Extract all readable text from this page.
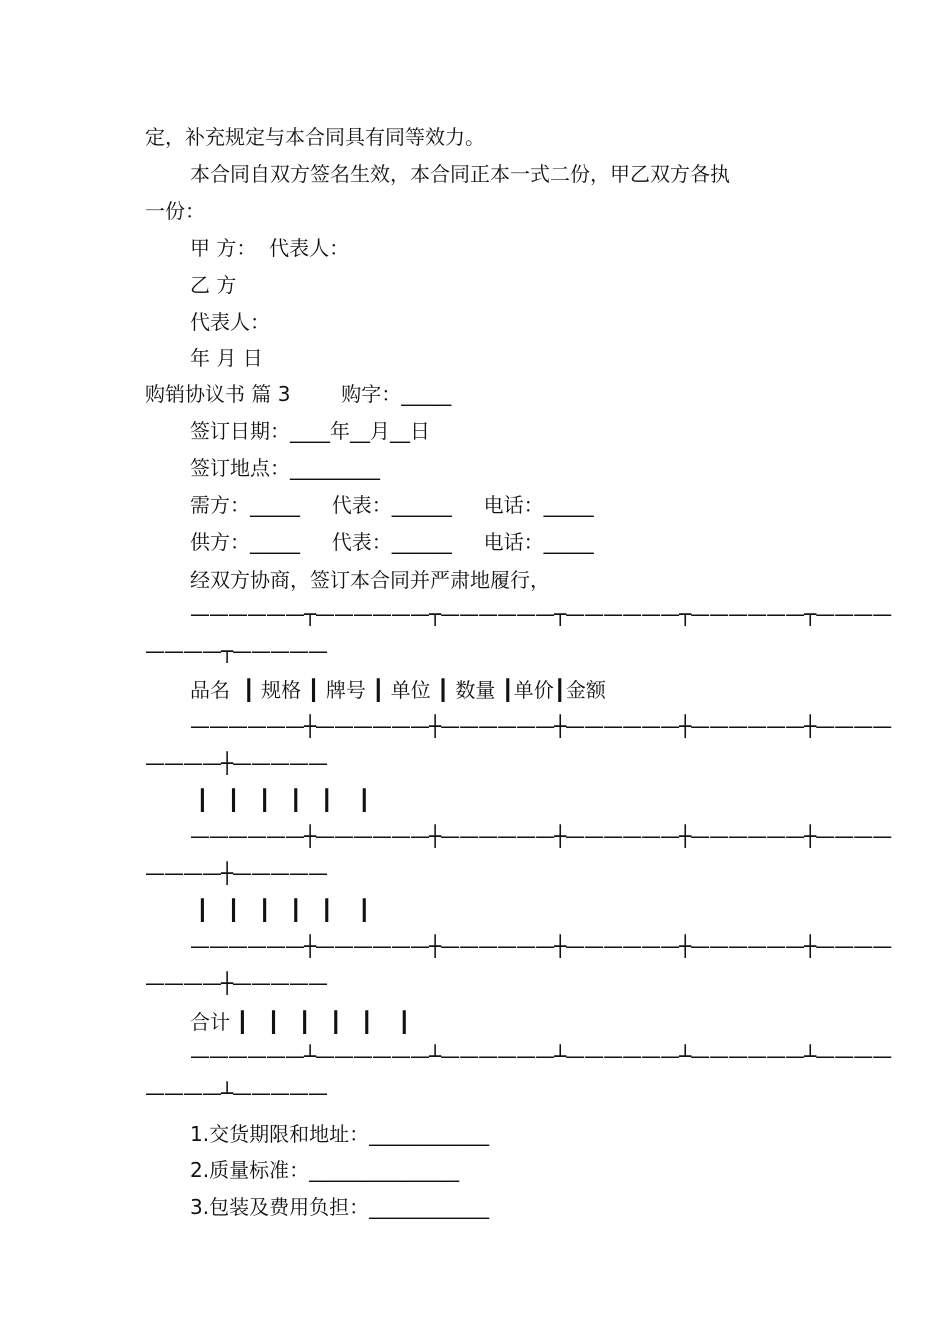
定，补充规定与本合同具有同等效力。
本合同自双方签名生效，本合同正本一式二份，甲乙双方各执
一份：
甲 方：  代表人：
乙 方
代表人：
年 月 日
购销协议书 篇 3        购字：_____
签订日期：____年__月__日
签订地点：_________
需方：_____     代表：______     电话：_____
供方：_____     代表：______     电话：_____
经双方协商，签订本合同并严肃地履行，
——————┬——————┬——————┬——————┬——————┬————
————┬—————
品名  ┃ 规格 ┃ 牌号 ┃ 单位 ┃ 数量 ┃单价┃金额
——————┼——————┼——————┼——————┼——————┼————
————┼—————
┃   ┃   ┃   ┃   ┃    ┃
——————┼——————┼——————┼——————┼——————┼————
————┼—————
┃   ┃   ┃   ┃   ┃    ┃
——————┼——————┼——————┼——————┼——————┼————
————┼—————
合计 ┃   ┃   ┃   ┃   ┃    ┃
——————┴——————┴——————┴——————┴——————┴————
————┴—————
1.交货期限和地址：____________
2.质量标准：_______________
3.包装及费用负担：____________
